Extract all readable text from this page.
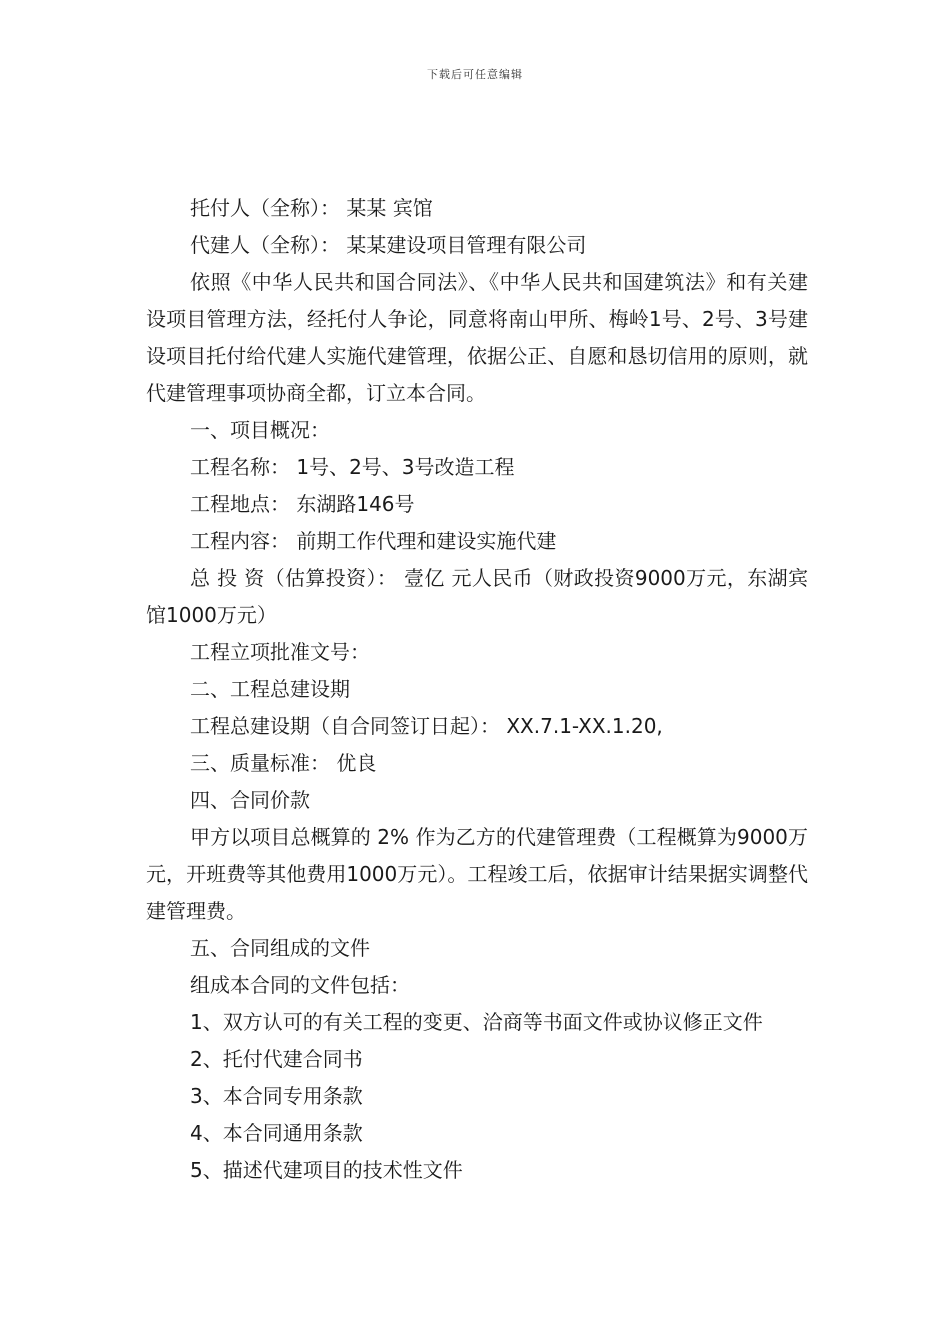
下载后可任意编辑
托付人（全称）： 某某 宾馆
代建人（全称）： 某某建设项目管理有限公司
依照《中华人民共和国合同法》、《中华人民共和国建筑法》和有关建设项目管理方法，经托付人争论，同意将南山甲所、梅岭1号、2号、3号建设项目托付给代建人实施代建管理，依据公正、自愿和恳切信用的原则，就代建管理事项协商全都，订立本合同。
一、项目概况：
工程名称： 1号、2号、3号改造工程
工程地点： 东湖路146号
工程内容： 前期工作代理和建设实施代建
总 投 资（估算投资）： 壹亿 元人民币（财政投资9000万元，东湖宾馆1000万元）
工程立项批准文号：
二、工程总建设期
工程总建设期（自合同签订日起）： XX.7.1-XX.1.20,
三、质量标准： 优良
四、合同价款
甲方以项目总概算的 2% 作为乙方的代建管理费（工程概算为9000万元，开班费等其他费用1000万元）。工程竣工后，依据审计结果据实调整代建管理费。
五、合同组成的文件
组成本合同的文件包括：
1、双方认可的有关工程的变更、洽商等书面文件或协议修正文件
2、托付代建合同书
3、本合同专用条款
4、本合同通用条款
5、描述代建项目的技术性文件
